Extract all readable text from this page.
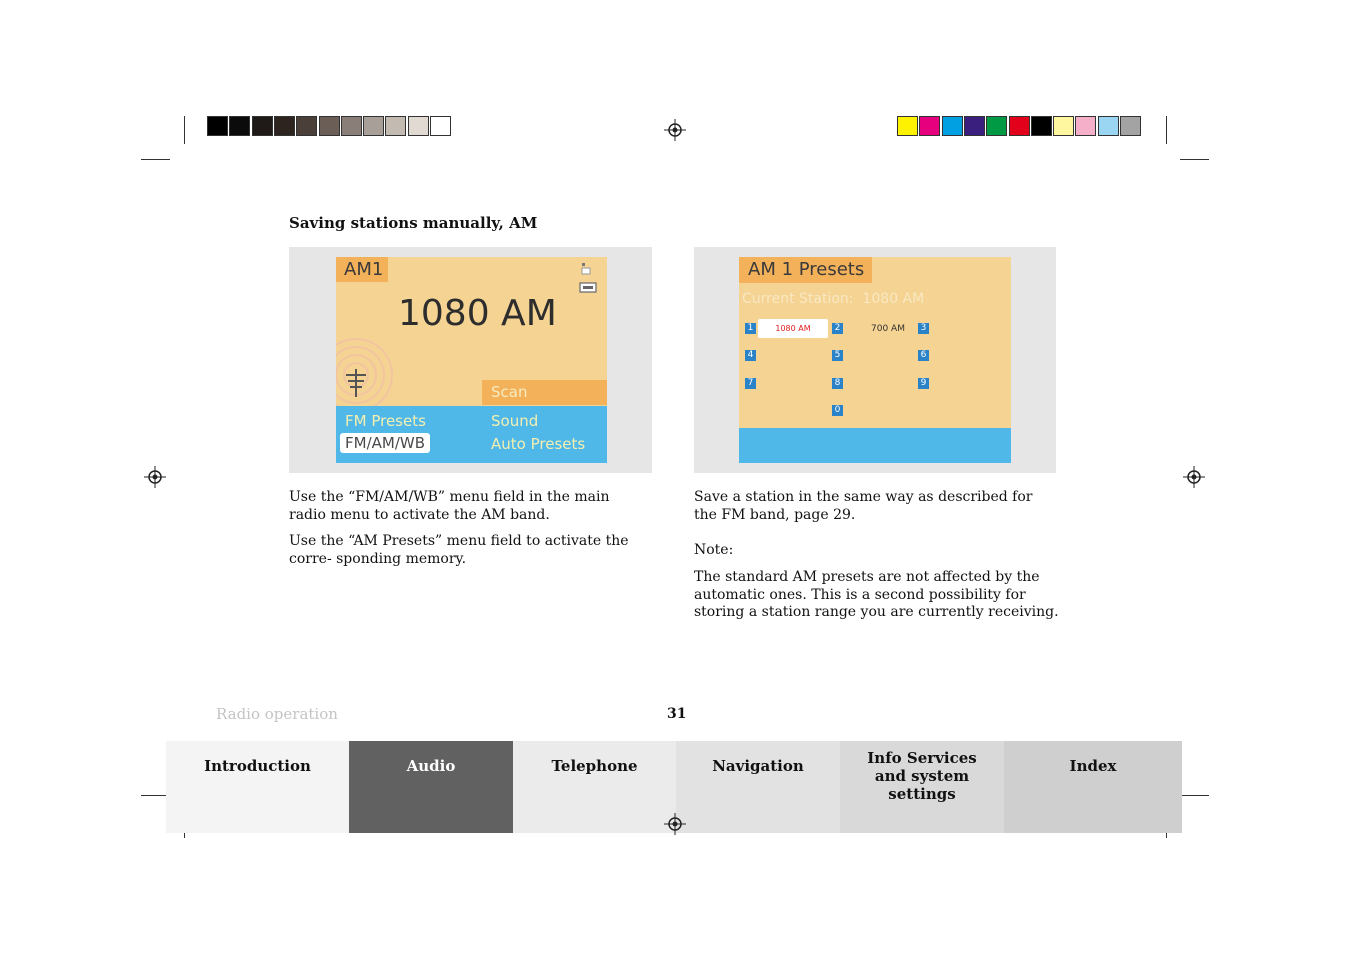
Saving stations manually, AM
AM1
1080 AM
Scan
FM Presets	Sound
FM/AM/WB	Auto Presets
AM 1 Presets
Current Station:  1080 AM
1	1080 AM	2	700 AM 3
4	5	6
7	8	9
0

Use the “FM/AM/WB” menu field in the main radio menu to activate the AM band.

Use the “AM Presets” menu field to activate the corre- sponding memory.

Save a station in the same way as described for the FM band, page 29.

Note:

The standard AM presets are not affected by the automatic ones. This is a second possibility for storing a station range you are currently receiving.

Radio operation	31
Introduction	Audio	Telephone	Navigation	Info Services and system settings
Index
